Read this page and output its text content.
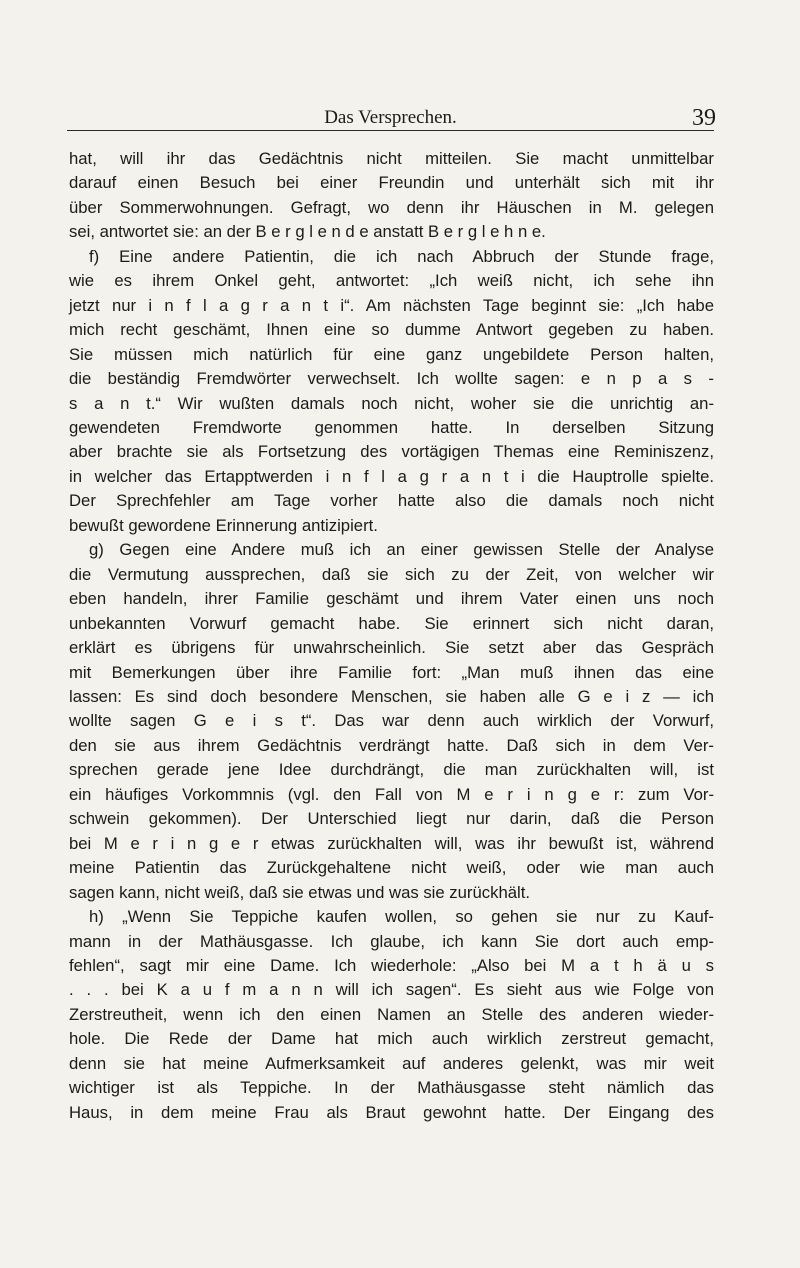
Das Versprechen.	39
hat, will ihr das Gedächtnis nicht mitteilen. Sie macht unmittelbar
darauf einen Besuch bei einer Freundin und unterhält sich mit ihr
über Sommerwohnungen. Gefragt, wo denn ihr Häuschen in M. gelegen
sei, antwortet sie: an der B e r g l e n d e anstatt B e r g l e h n e.
f) Eine andere Patientin, die ich nach Abbruch der Stunde frage,
wie es ihrem Onkel geht, antwortet: „Ich weiß nicht, ich sehe ihn
jetzt nur i n f l a g r a n t i“. Am nächsten Tage beginnt sie: „Ich habe
mich recht geschämt, Ihnen eine so dumme Antwort gegeben zu haben.
Sie müssen mich natürlich für eine ganz ungebildete Person halten,
die beständig Fremdwörter verwechselt. Ich wollte sagen: e n p a s -
s a n t.“ Wir wußten damals noch nicht, woher sie die unrichtig an-
gewendeten Fremdworte genommen hatte. In derselben Sitzung
aber brachte sie als Fortsetzung des vortägigen Themas eine Reminiszenz,
in welcher das Ertapptwerden i n f l a g r a n t i die Hauptrolle spielte.
Der Sprechfehler am Tage vorher hatte also die damals noch nicht
bewußt gewordene Erinnerung antizipiert.
g) Gegen eine Andere muß ich an einer gewissen Stelle der Analyse
die Vermutung aussprechen, daß sie sich zu der Zeit, von welcher wir
eben handeln, ihrer Familie geschämt und ihrem Vater einen uns noch
unbekannten Vorwurf gemacht habe. Sie erinnert sich nicht daran,
erklärt es übrigens für unwahrscheinlich. Sie setzt aber das Gespräch
mit Bemerkungen über ihre Familie fort: „Man muß ihnen das eine
lassen: Es sind doch besondere Menschen, sie haben alle G e i z — ich
wollte sagen G e i s t“. Das war denn auch wirklich der Vorwurf,
den sie aus ihrem Gedächtnis verdrängt hatte. Daß sich in dem Ver-
sprechen gerade jene Idee durchdrängt, die man zurückhalten will, ist
ein häufiges Vorkommnis (vgl. den Fall von M e r i n g e r: zum Vor-
schwein gekommen). Der Unterschied liegt nur darin, daß die Person
bei M e r i n g e r etwas zurückhalten will, was ihr bewußt ist, während
meine Patientin das Zurückgehaltene nicht weiß, oder wie man auch
sagen kann, nicht weiß, daß sie etwas und was sie zurückhält.
h) „Wenn Sie Teppiche kaufen wollen, so gehen sie nur zu Kauf-
mann in der Mathäusgasse. Ich glaube, ich kann Sie dort auch emp-
fehlen“, sagt mir eine Dame. Ich wiederhole: „Also bei M a t h ä u s
. . . bei K a u f m a n n will ich sagen“. Es sieht aus wie Folge von
Zerstreutheit, wenn ich den einen Namen an Stelle des anderen wieder-
hole. Die Rede der Dame hat mich auch wirklich zerstreut gemacht,
denn sie hat meine Aufmerksamkeit auf anderes gelenkt, was mir weit
wichtiger ist als Teppiche. In der Mathäusgasse steht nämlich das
Haus, in dem meine Frau als Braut gewohnt hatte. Der Eingang des
